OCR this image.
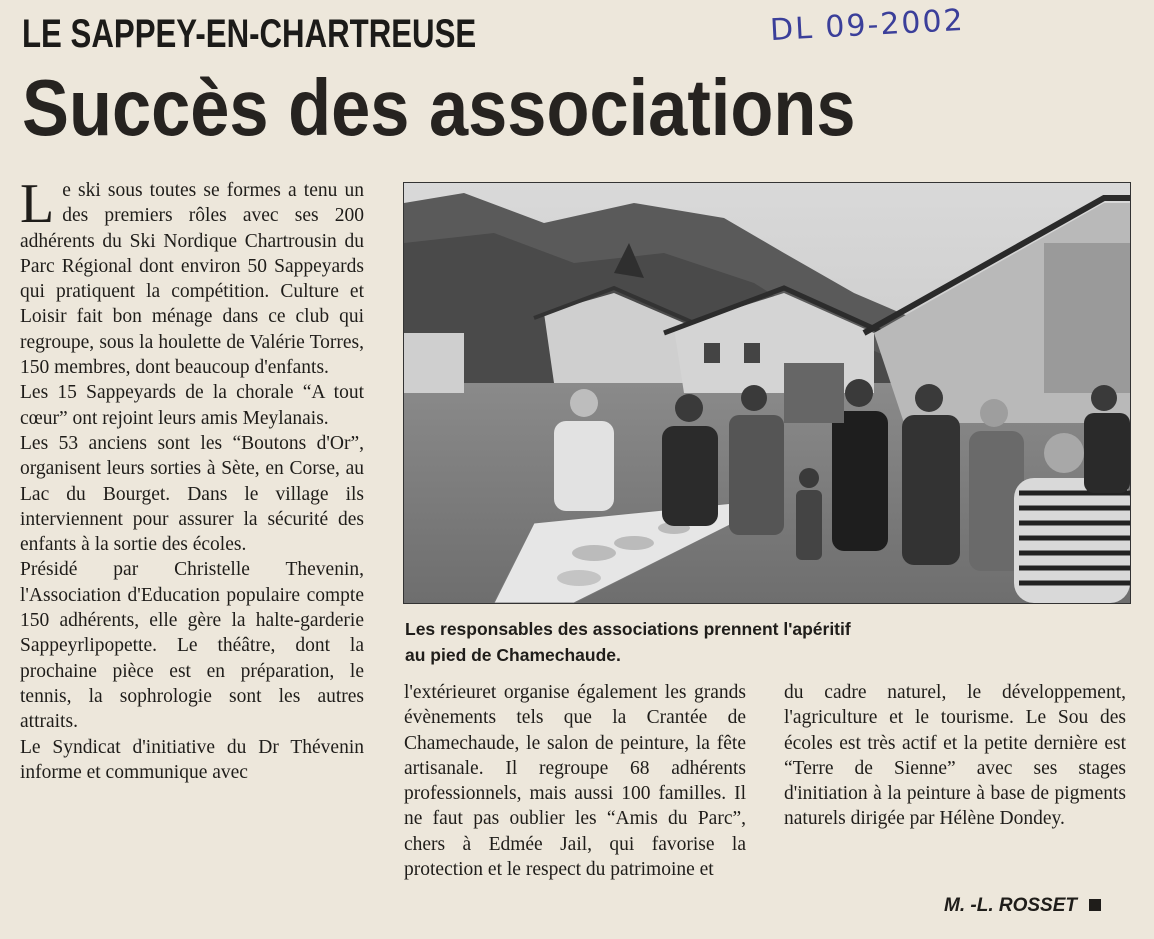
LE SAPPEY-EN-CHARTREUSE
Succès des associations
DL 09-2002
L e ski sous toutes se formes a tenu un des premiers rôles avec ses 200 adhérents du Ski Nordique Chartrousin du Parc Régional dont environ 50 Sappeyards qui pratiquent la compétition. Culture et Loisir fait bon ménage dans ce club qui regroupe, sous la houlette de Valérie Torres, 150 membres, dont beaucoup d'enfants.

Les 15 Sappeyards de la chorale “A tout cœur” ont rejoint leurs amis Meylanais.

Les 53 anciens sont les “Boutons d'Or”, organisent leurs sorties à Sète, en Corse, au Lac du Bourget. Dans le village ils interviennent pour assurer la sécurité des enfants à la sortie des écoles.

Présidé par Christelle Thevenin, l'Association d'Education populaire compte 150 adhérents, elle gère la halte-garderie Sappeyrlipopette. Le théâtre, dont la prochaine pièce est en préparation, le tennis, la sophrologie sont les autres attraits.

Le Syndicat d'initiative du Dr Thévenin informe et communique avec

Les responsables des associations prennent l'apéritif
au pied de Chamechaude.

l'extérieuret organise également les grands évènements tels que la Crantée de Chamechaude, le salon de peinture, la fête artisanale. Il regroupe 68 adhérents professionnels, mais aussi 100 familles. Il ne faut pas oublier les “Amis du Parc”, chers à Edmée Jail, qui favorise la protection et le respect du patrimoine et

du cadre naturel, le développement, l'agriculture et le tourisme. Le Sou des écoles est très actif et la petite dernière est “Terre de Sienne” avec ses stages d'initiation à la peinture à base de pigments naturels dirigée par Hélène Dondey.

M. -L. ROSSET
